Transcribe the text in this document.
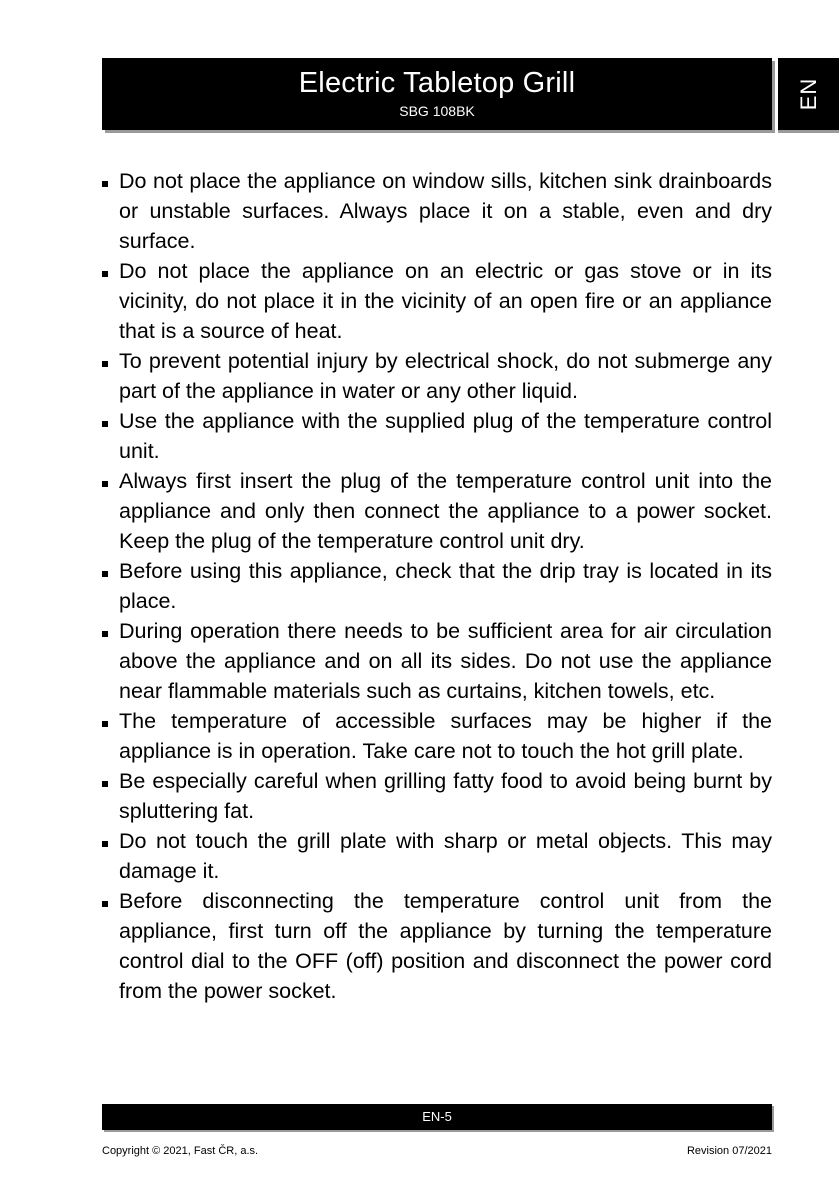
Electric Tabletop Grill
SBG 108BK
EN
Do not place the appliance on window sills, kitchen sink drainboards or unstable surfaces. Always place it on a stable, even and dry surface.
Do not place the appliance on an electric or gas stove or in its vicinity, do not place it in the vicinity of an open fire or an appliance that is a source of heat.
To prevent potential injury by electrical shock, do not submerge any part of the appliance in water or any other liquid.
Use the appliance with the supplied plug of the temperature control unit.
Always first insert the plug of the temperature control unit into the appliance and only then connect the appliance to a power socket. Keep the plug of the temperature control unit dry.
Before using this appliance, check that the drip tray is located in its place.
During operation there needs to be sufficient area for air circulation above the appliance and on all its sides. Do not use the appliance near flammable materials such as curtains, kitchen towels, etc.
The temperature of accessible surfaces may be higher if the appliance is in operation. Take care not to touch the hot grill plate.
Be especially careful when grilling fatty food to avoid being burnt by spluttering fat.
Do not touch the grill plate with sharp or metal objects. This may damage it.
Before disconnecting the temperature control unit from the appliance, first turn off the appliance by turning the temperature control dial to the OFF (off) position and disconnect the power cord from the power socket.
EN-5
Copyright © 2021, Fast ČR, a.s.	Revision 07/2021
